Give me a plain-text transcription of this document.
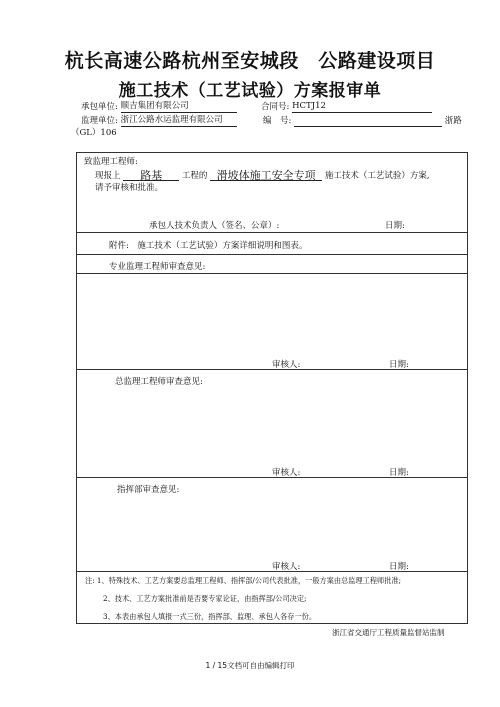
杭长高速公路杭州至安城段　公路建设项目
施工技术（工艺试验）方案报审单
承包单位: 顺吉集团有限公司	合同号: HCTJ12
监理单位: 浙江公路水运监理有限公司	编　号:	浙路
（GL）106
致监理工程师:
现报上 路基 工程的 滑坡体施工安全专项 施工技术（工艺试验）方案,
请予审核和批准。
承包人技术负责人（签名、公章）:	日期:
附件:　施工技术（工艺试验）方案详细说明和图表。
专业监理工程师审查意见:
审核人:	日期:
总监理工程师审查意见:
审核人:	日期:
指挥部审查意见:
审核人:	日期:
注: 1、特殊技术、工艺方案要总监理工程师、指挥部/公司代表批准，一般方案由总监理工程师批准;
2、技术、工艺方案批准前是否要专家论证，由指挥部/公司决定;
3、本表由承包人填报一式三份，指挥部、监理、承包人各存一份。
浙江省交通厅工程质量监督站监制
1 / 15文档可自由编辑打印
